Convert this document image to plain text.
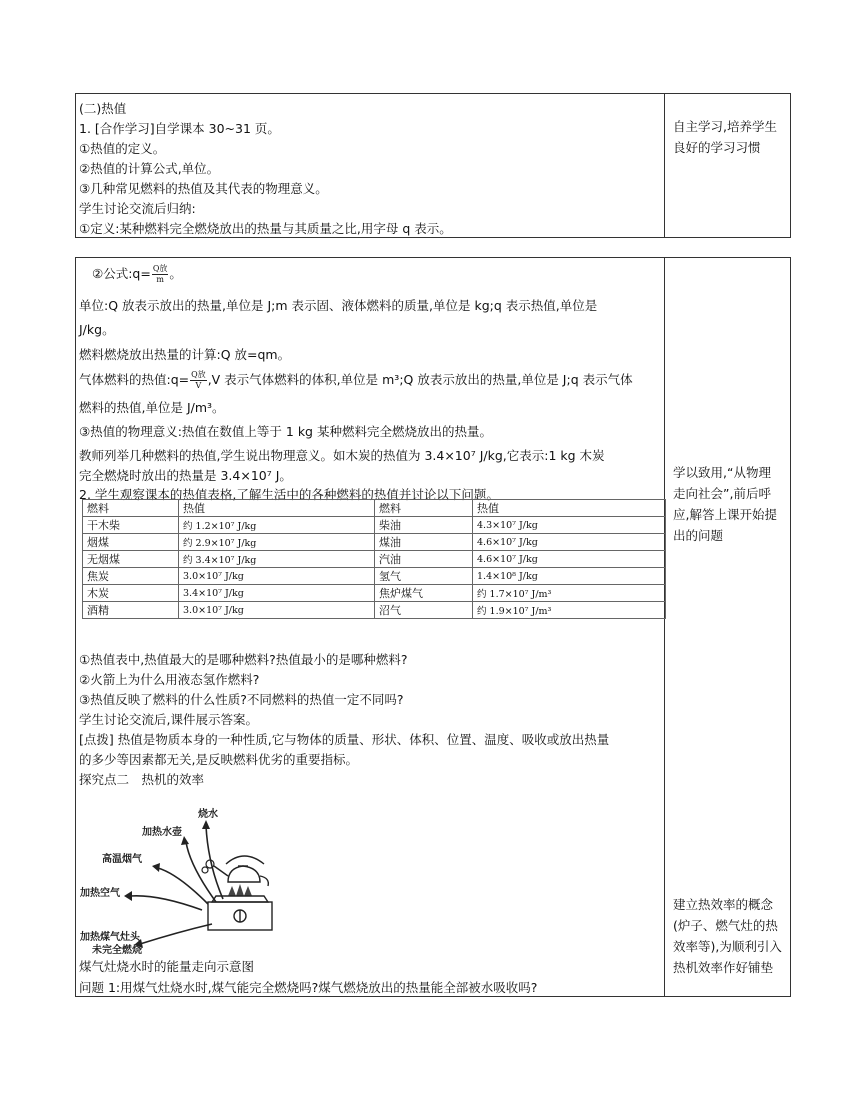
(二)热值
1. [合作学习]自学课本 30~31 页。
①热值的定义。
②热值的计算公式,单位。
③几种常见燃料的热值及其代表的物理意义。
学生讨论交流后归纳:
①定义:某种燃料完全燃烧放出的热量与其质量之比,用字母 q 表示。
自主学习,培养学生良好的学习习惯
②公式:q= $\frac{\text{Q放}}{m}$ 。
单位:Q 放表示放出的热量,单位是 J;m 表示固、液体燃料的质量,单位是 kg;q 表示热值,单位是
J/kg。
燃料燃烧放出热量的计算:Q 放=qm。
气体燃料的热值:q= $\frac{\text{Q放}}{V} ,V$ 表示气体燃料的体积,单位是 m³;Q 放表示放出的热量,单位是 J;q 表示气体
燃料的热值,单位是 J/m³。
③热值的物理意义:热值在数值上等于 1 kg 某种燃料完全燃烧放出的热量。
教师列举几种燃料的热值,学生说出物理意义。如木炭的热值为 3.4×10⁷ J/kg,它表示:1 kg 木炭
完全燃烧时放出的热量是 3.4×10⁷ J。
2. 学生观察课本的热值表格,了解生活中的各种燃料的热值并讨论以下问题。
燃料	热值	燃料	热值
干木柴	约 1.2×10⁷ J/kg	柴油	4.3×10⁷ J/kg
烟煤	约 2.9×10⁷ J/kg	煤油	4.6×10⁷ J/kg
无烟煤	约 3.4×10⁷ J/kg	汽油	4.6×10⁷ J/kg
焦炭	3.0×10⁷ J/kg	氢气	1.4×10⁸ J/kg
木炭	3.4×10⁷ J/kg	焦炉煤气	约 1.7×10⁷ J/m³
酒精	3.0×10⁷ J/kg	沼气	约 1.9×10⁷ J/m³
①热值表中,热值最大的是哪种燃料?热值最小的是哪种燃料?
②火箭上为什么用液态氢作燃料?
③热值反映了燃料的什么性质?不同燃料的热值一定不同吗?
学生讨论交流后,课件展示答案。
[点拨] 热值是物质本身的一种性质,它与物体的质量、形状、体积、位置、温度、吸收或放出热量
的多少等因素都无关,是反映燃料优劣的重要指标。
探究点二　热机的效率
烧水
加热水壶
高温烟气
加热空气
加热煤气灶头
未完全燃烧
煤气灶烧水时的能量走向示意图
问题 1:用煤气灶烧水时,煤气能完全燃烧吗?煤气燃烧放出的热量能全部被水吸收吗?
学以致用,“从物理走向社会”,前后呼应,解答上课开始提出的问题
建立热效率的概念(炉子、燃气灶的热效率等),为顺利引入热机效率作好铺垫
